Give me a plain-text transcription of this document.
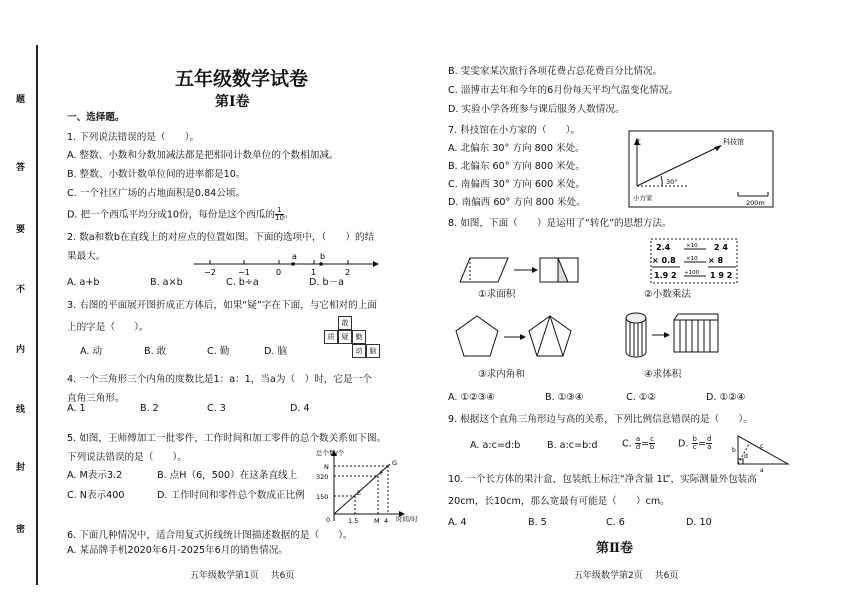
题
答
要
不
内
线
封
密
五年级数学试卷
第Ⅰ卷
一、选择题。
1. 下列说法错误的是（　　）。
A. 整数、小数和分数加减法都是把相同计数单位的个数相加减。
B. 整数、小数计数单位间的进率都是10。
C. 一个社区广场的占地面积是0.84公顷。
D. 把一个西瓜平均分成10份，每份是这个西瓜的 $\frac{1}{10}$ 。
2. 数a和数b在直线上的对应点的位置如图。下面的选项中，（　　）的结
果最大。
A. a+b	B. a×b	C. b÷a	D. b－a
a	b
−2	−1	0	1	2
3. 右图的平面展开图折成正方体后，如果“疑”字在下面，与它相对的上面
上的字是（　　）。
A. 动	B. 敢	C. 勤	D. 脑
敢
质	疑	勤
动	脑
4. 一个三角形三个内角的度数比是1：a：1，当a为（　）时，它是一个
直角三角形。
A. 1	B. 2	C. 3	D. 4
5. 如图，王师傅加工一批零件，工作时间和加工零件的总个数关系如下图。
下列说法错误的是（　　）。
A. M表示3.2	B. 点H（6，500）在这条直线上
C. N表示400	D. 工作时间和零件总个数成正比例
总个数/个
N
320
150
0	1.5 M 4 时间/时
E
F
G
6. 下面几种情况中，适合用复式折线统计图描述数据的是（　　）。
A. 某品牌手机2020年6月-2025年6月的销售情况。
五年级数学第1页　 共6页
B. 雯雯家某次旅行各项花费占总花费百分比情况。
C. 淄博市去年和今年的6月份每天平均气温变化情况。
D. 实验小学各班参与课后服务人数情况。
7. 科技馆在小方家的（　　）。
A. 北偏东 30° 方向 800 米处。
B. 北偏东 60° 方向 800 米处。
C. 南偏西 30° 方向 600 米处。
D. 南偏西 60° 方向 800 米处。
北
30°
小方家
科技馆
200m
8. 如图，下面（　　）是运用了“转化”的思想方法。
①求面积
2.4
× 0.8
1.9 2
×10
×10
÷100
2 4
× 8
1 9 2
②小数乘法
③求内角和	④求体积
A. ①②③④	B. ①③④	C. ①②	D. ①②④
9. 根据这个直角三角形边与高的关系，下列比例信息错误的是（　　）。
A. a:c=d:b	B. a:c=b:d	C. $\frac{a}{d} = \frac{c}{b} D$. $\frac{b}{c} = \frac{d}{a}$	b
c
a
d
10. 一个长方体的果汁盒，包装纸上标注“净含量 1L”，实际测量外包装高
20cm，长10cm，那么宽最有可能是（　　）cm。
A. 4	B. 5	C. 6	D. 10
第Ⅱ卷
五年级数学第2页　 共6页
